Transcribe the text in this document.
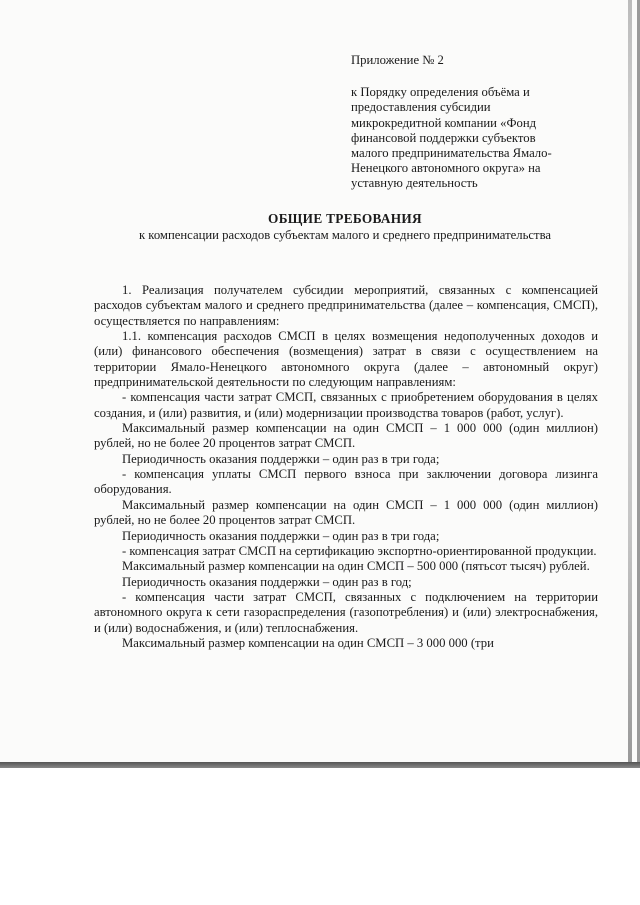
Приложение № 2

к Порядку определения объёма и

предоставления субсидии

микрокредитной компании «Фонд

финансовой поддержки субъектов

малого предпринимательства Ямало-

Ненецкого автономного округа» на

уставную деятельность

ОБЩИЕ ТРЕБОВАНИЯ

к компенсации расходов субъектам малого и среднего предпринимательства

1. Реализация получателем субсидии мероприятий, связанных с компенсацией расходов субъектам малого и среднего предпринимательства (далее – компенсация, СМСП), осуществляется по направлениям:

1.1. компенсация расходов СМСП в целях возмещения недополученных доходов и (или) финансового обеспечения (возмещения) затрат в связи с осуществлением на территории Ямало-Ненецкого автономного округа (далее – автономный округ) предпринимательской деятельности по следующим направлениям:

- компенсация части затрат СМСП, связанных с приобретением оборудования в целях создания, и (или) развития, и (или) модернизации производства товаров (работ, услуг).

Максимальный размер компенсации на один СМСП – 1 000 000 (один миллион) рублей, но не более 20 процентов затрат СМСП.

Периодичность оказания поддержки – один раз в три года;

- компенсация уплаты СМСП первого взноса при заключении договора лизинга оборудования.

Максимальный размер компенсации на один СМСП – 1 000 000 (один миллион) рублей, но не более 20 процентов затрат СМСП.

Периодичность оказания поддержки – один раз в три года;

- компенсация затрат СМСП на сертификацию экспортно-ориентированной продукции.

Максимальный размер компенсации на один СМСП – 500 000 (пятьсот тысяч) рублей.

Периодичность оказания поддержки – один раз в год;

- компенсация части затрат СМСП, связанных с подключением на территории автономного округа к сети газораспределения (газопотребления) и (или) электроснабжения, и (или) водоснабжения, и (или) теплоснабжения.

Максимальный размер компенсации на один СМСП – 3 000 000 (три
